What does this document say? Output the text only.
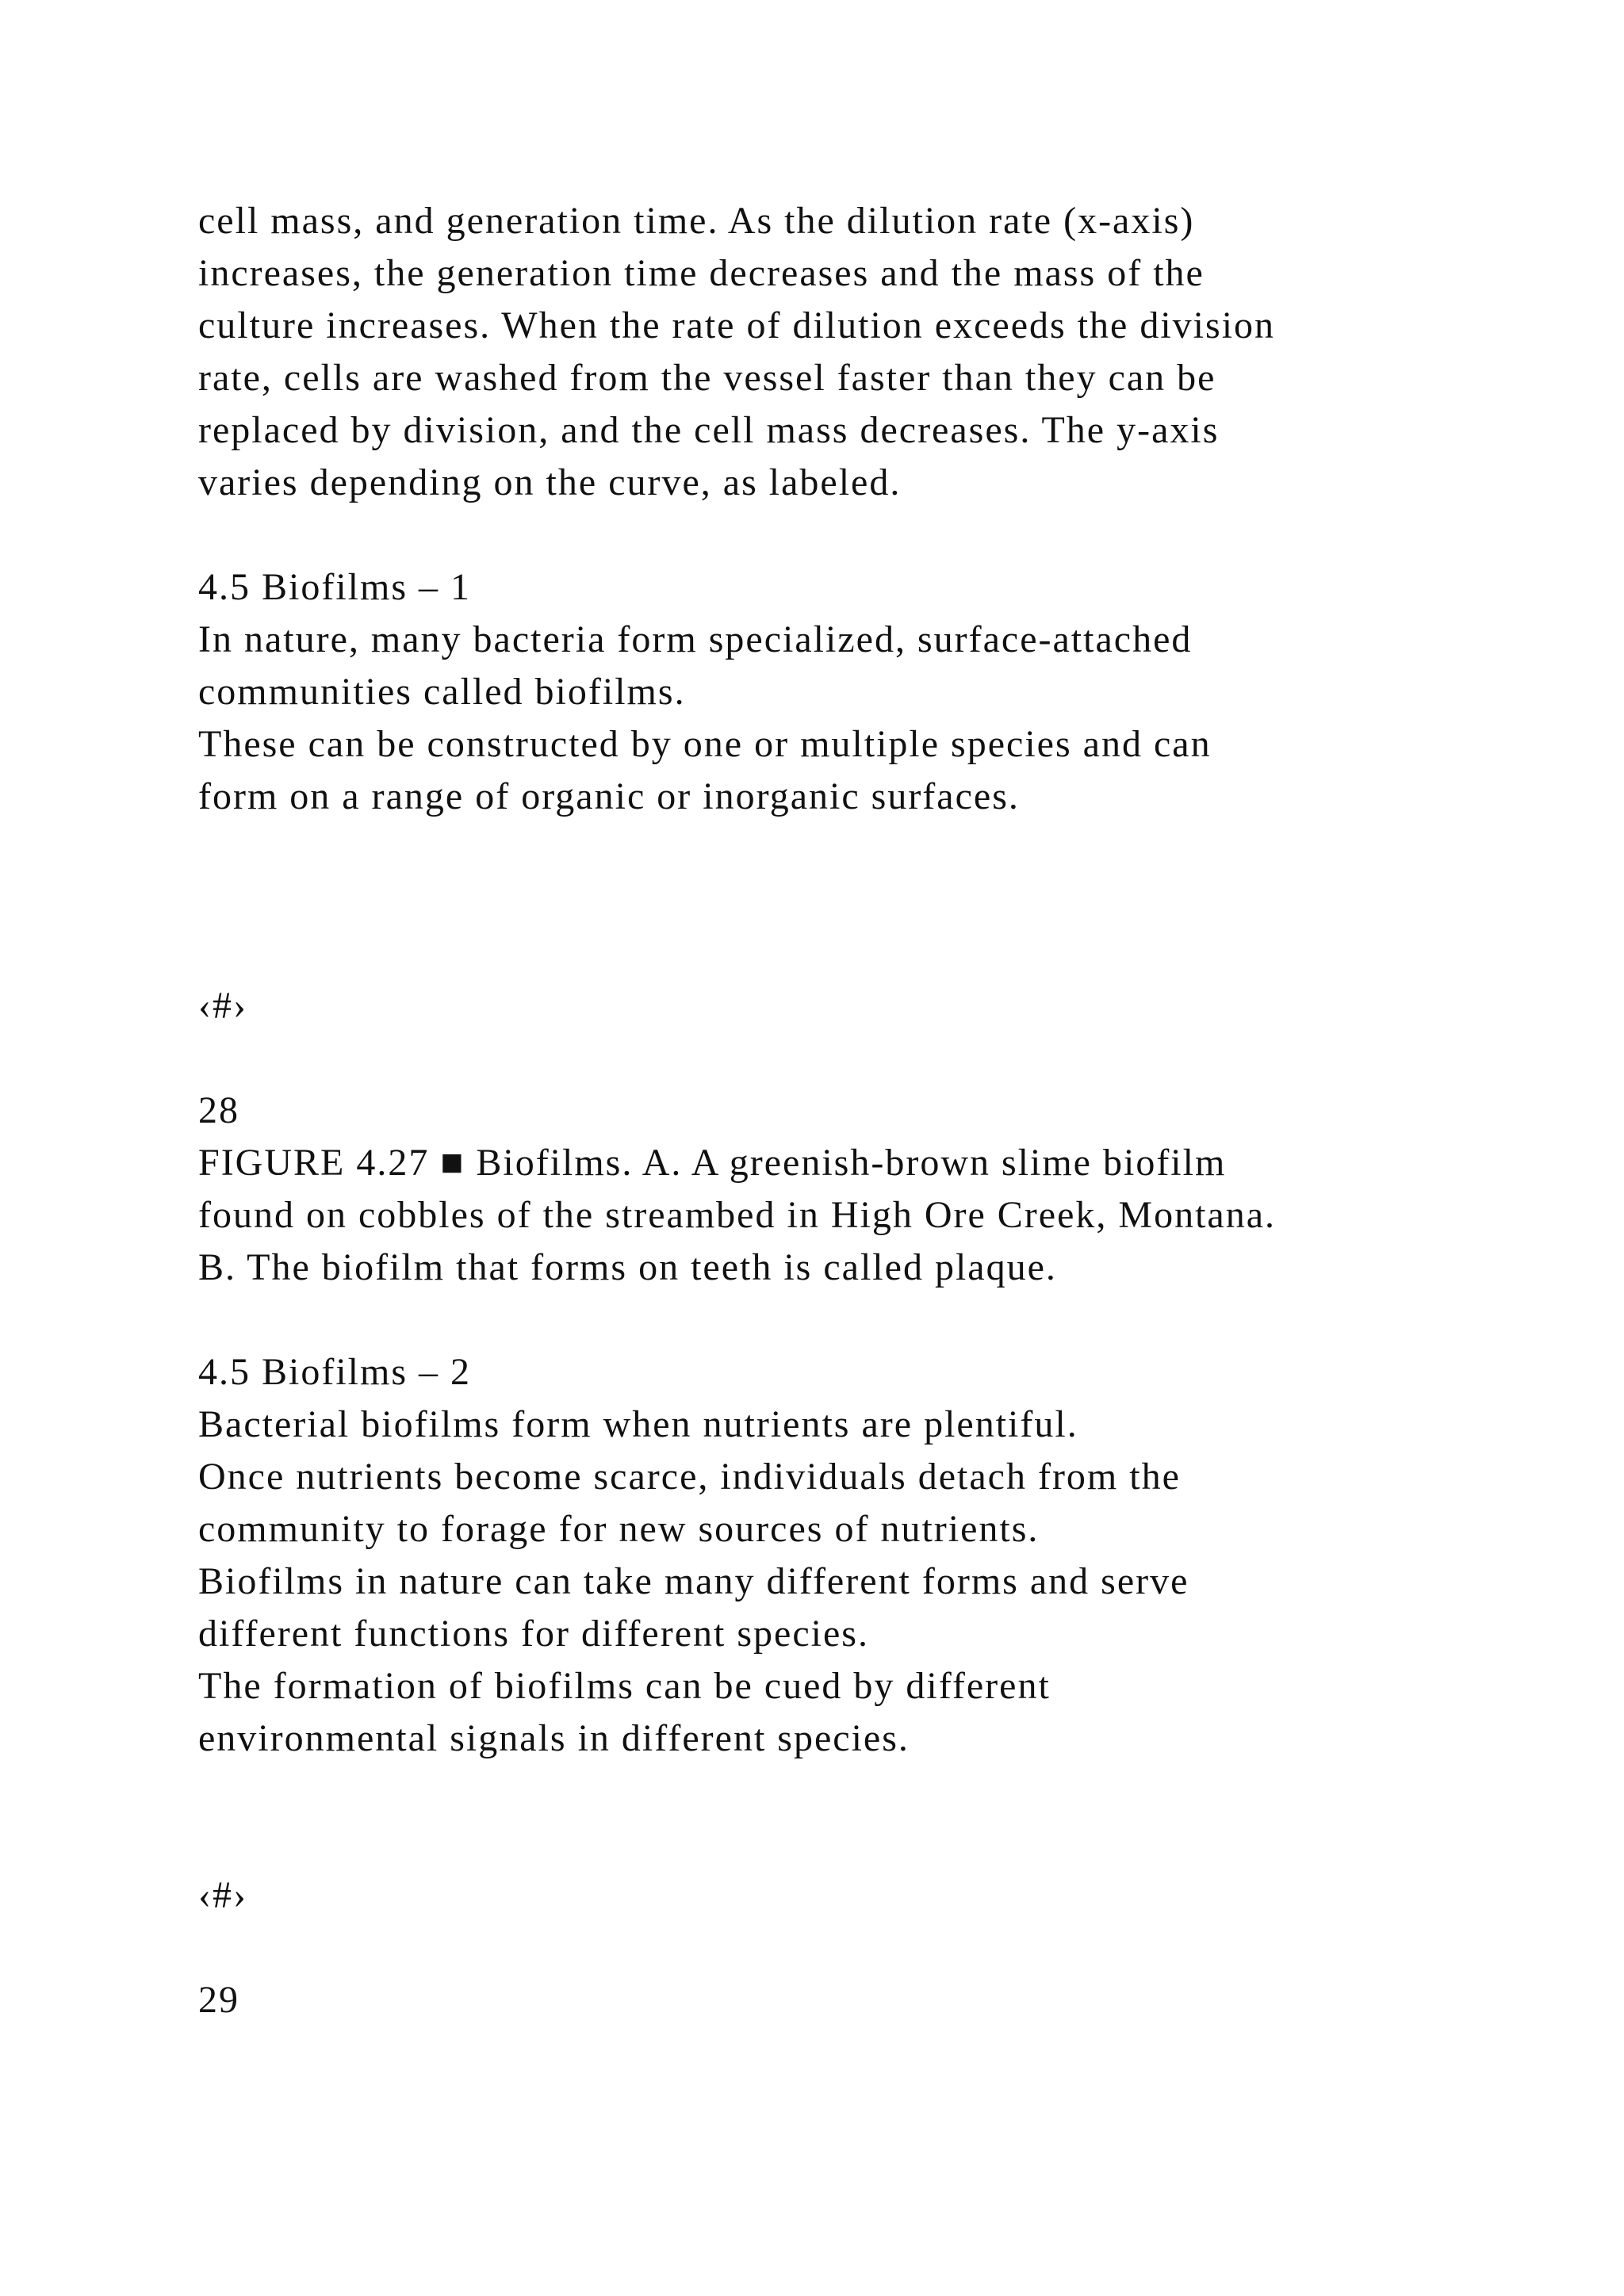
cell mass, and generation time. As the dilution rate (x-axis)
increases, the generation time decreases and the mass of the
culture increases. When the rate of dilution exceeds the division
rate, cells are washed from the vessel faster than they can be
replaced by division, and the cell mass decreases. The y-axis
varies depending on the curve, as labeled.
4.5 Biofilms – 1
In nature, many bacteria form specialized, surface-attached
communities called biofilms.
These can be constructed by one or multiple species and can
form on a range of organic or inorganic surfaces.
‹#›
28
FIGURE 4.27 ■ Biofilms. A. A greenish-brown slime biofilm
found on cobbles of the streambed in High Ore Creek, Montana.
B. The biofilm that forms on teeth is called plaque.
4.5 Biofilms – 2
Bacterial biofilms form when nutrients are plentiful.
Once nutrients become scarce, individuals detach from the
community to forage for new sources of nutrients.
Biofilms in nature can take many different forms and serve
different functions for different species.
The formation of biofilms can be cued by different
environmental signals in different species.
‹#›
29
